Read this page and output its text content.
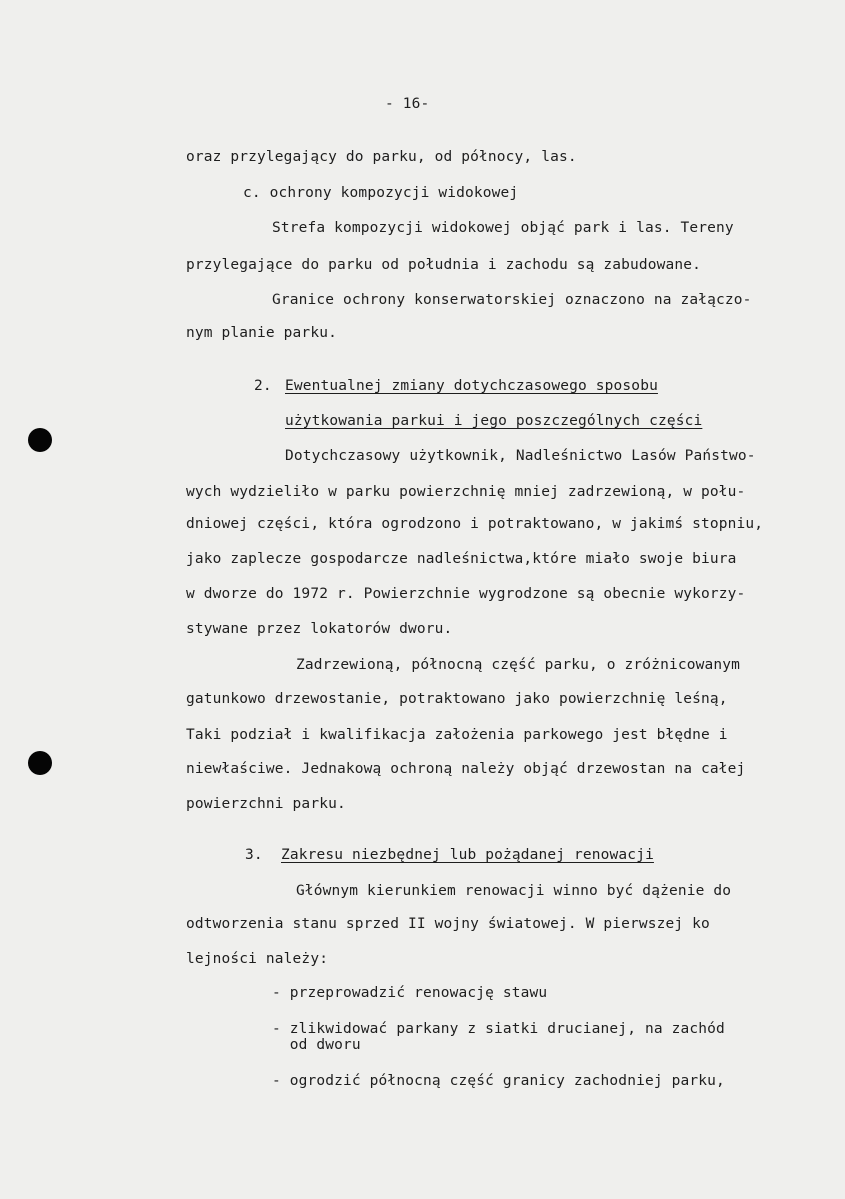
- 16-
oraz przylegający do parku, od północy, las.
c. ochrony kompozycji widokowej
Strefa kompozycji widokowej objąć park i las. Tereny
przylegające do parku od południa i zachodu są zabudowane.
Granice ochrony konserwatorskiej oznaczono na załączo-
nym planie parku.
2. Ewentualnej zmiany dotychczasowego sposobu
użytkowania parkui i jego poszczególnych części
Dotychczasowy użytkownik, Nadleśnictwo Lasów Państwo-
wych wydzieliło w parku powierzchnię mniej zadrzewioną, w połu-
dniowej części, która ogrodzono i potraktowano, w jakimś stopniu,
jako zaplecze gospodarcze nadleśnictwa,które miało swoje biura
w dworze do 1972 r. Powierzchnie wygrodzone są obecnie wykorzy-
stywane przez lokatorów dworu.
Zadrzewioną, północną część parku, o zróżnicowanym
gatunkowo drzewostanie, potraktowano jako powierzchnię leśną,
Taki podział i kwalifikacja założenia parkowego jest błędne i
niewłaściwe. Jednakową ochroną należy objąć drzewostan na całej
powierzchni parku.
3. Zakresu niezbędnej lub pożądanej renowacji
Głównym kierunkiem renowacji winno być dążenie do
odtworzenia stanu sprzed II wojny światowej. W pierwszej ko
lejności należy:
- przeprowadzić renowację stawu
- zlikwidować parkany z siatki drucianej, na zachód
od dworu
- ogrodzić północną część granicy zachodniej parku,
